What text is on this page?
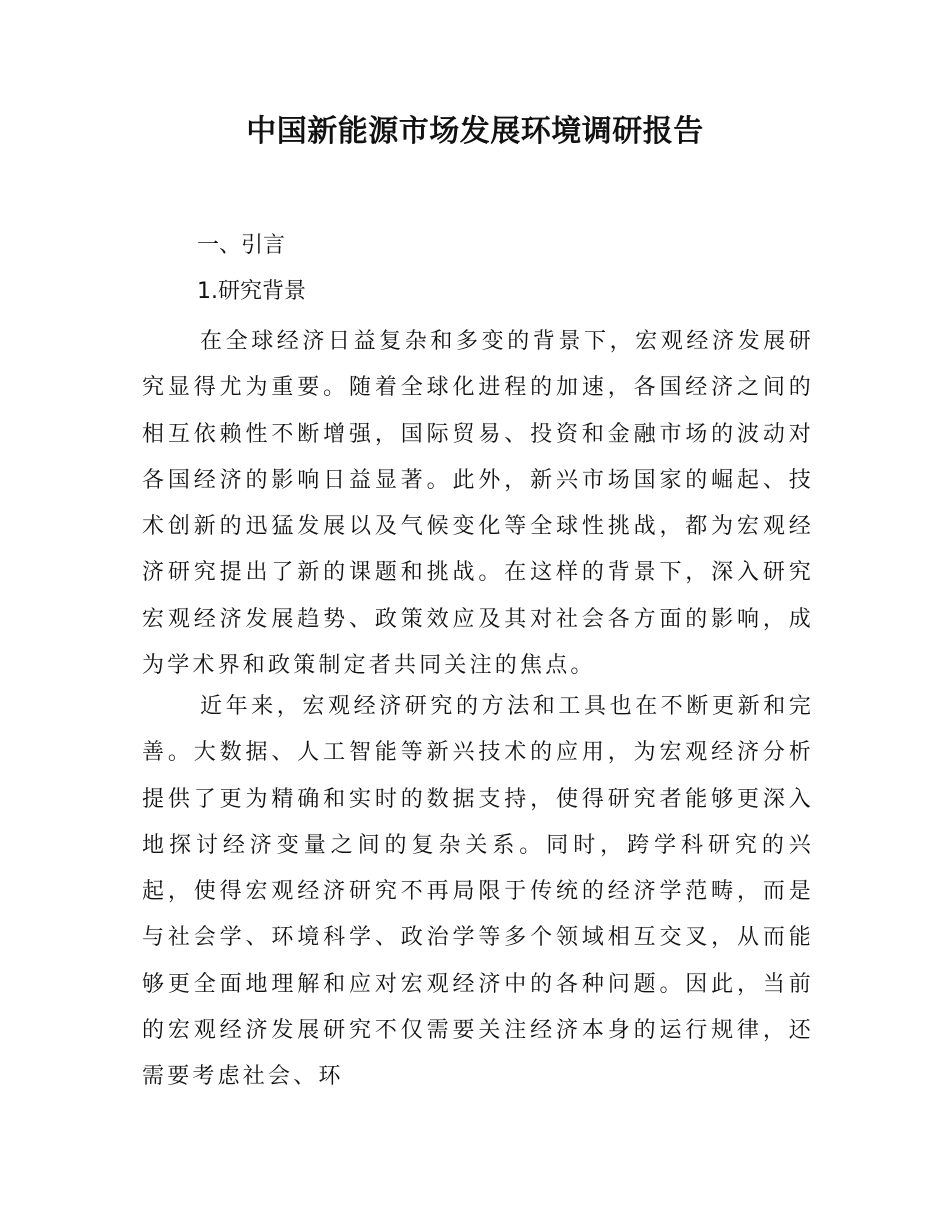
中国新能源市场发展环境调研报告
一、引言
1.研究背景

在全球经济日益复杂和多变的背景下，宏观经济发展研究显得尤为重要。随着全球化进程的加速，各国经济之间的相互依赖性不断增强，国际贸易、投资和金融市场的波动对各国经济的影响日益显著。此外，新兴市场国家的崛起、技术创新的迅猛发展以及气候变化等全球性挑战，都为宏观经济研究提出了新的课题和挑战。在这样的背景下，深入研究宏观经济发展趋势、政策效应及其对社会各方面的影响，成为学术界和政策制定者共同关注的焦点。

近年来，宏观经济研究的方法和工具也在不断更新和完善。大数据、人工智能等新兴技术的应用，为宏观经济分析提供了更为精确和实时的数据支持，使得研究者能够更深入地探讨经济变量之间的复杂关系。同时，跨学科研究的兴起，使得宏观经济研究不再局限于传统的经济学范畴，而是与社会学、环境科学、政治学等多个领域相互交叉，从而能够更全面地理解和应对宏观经济中的各种问题。因此，当前的宏观经济发展研究不仅需要关注经济本身的运行规律，还需要考虑社会、环
